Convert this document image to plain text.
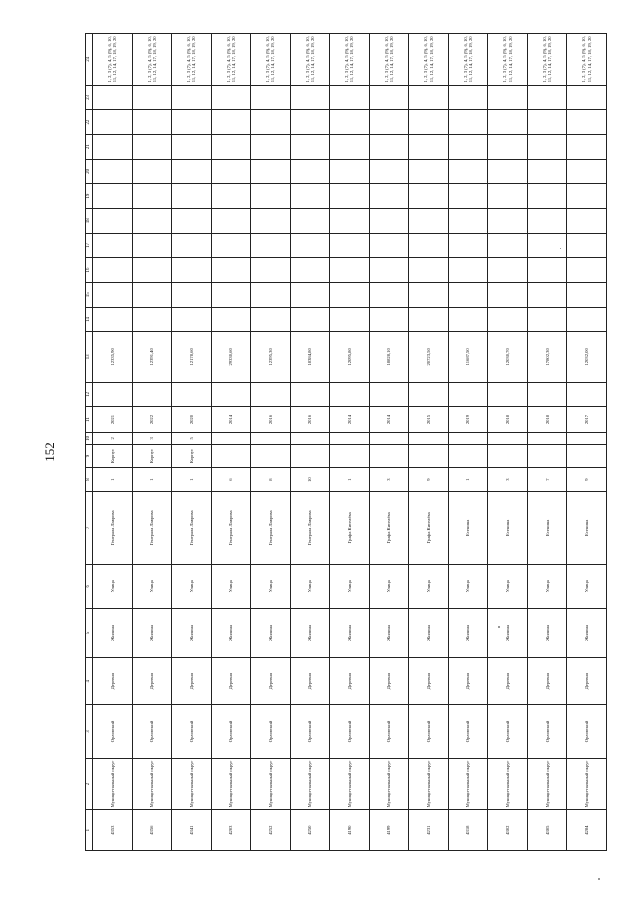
152
1	2	3	4	5	6	7	8	9	10	11	12	13	14	15	16	17	18	19	20	21	22	23	24
4353	Муници-пальный округ	Орловский	Деревня	Жилина	Улица	Генерала Лаврова	1	Корпус	2	2021		12335,90											1, 2, 3 (7), 4, 5 (9), 6, 10, 11, 12, 14, 17, 18, 19, 20
4356	Муници-пальный округ	Орловский	Деревня	Жилина	Улица	Генерала Лаврова	1	Корпус	3	2022		12391,40											1, 2, 3 (7), 4, 5 (9), 6, 10, 11, 12, 14, 17, 18, 19, 20
4341	Муници-пальный округ	Орловский	Деревня	Жилина	Улица	Генерала Лаврова	1	Корпус	5	2020		12178,60											1, 2, 3 (7), 4, 5 (9), 6, 10, 11, 12, 14, 17, 18, 19, 20
4203	Муници-пальный округ	Орловский	Деревня	Жилина	Улица	Генерала Лаврова	6			2014		29330,60											1, 2, 3 (7), 4, 5 (9), 6, 10, 11, 12, 14, 17, 18, 19, 20
4252	Муници-пальный округ	Орловский	Деревня	Жилина	Улица	Генерала Лаврова	8			2016		12395,30											1, 2, 3 (7), 4, 5 (9), 6, 10, 11, 12, 14, 17, 18, 19, 20
4250	Муници-пальный округ	Орловский	Деревня	Жилина	Улица	Генерала Лаврова	10			2016		18384,80											1, 2, 3 (7), 4, 5 (9), 6, 10, 11, 12, 14, 17, 18, 19, 20
4190	Муници-пальный округ	Орловский	Деревня	Жилина	Улица	Графа Киселёва	1			2014		12095,80											1, 2, 3 (7), 4, 5 (9), 6, 10, 11, 12, 14, 17, 18, 19, 20
4199	Муници-пальный округ	Орловский	Деревня	Жилина	Улица	Графа Киселёва	3			2014		18828,10											1, 2, 3 (7), 4, 5 (9), 6, 10, 11, 12, 14, 17, 18, 19, 20
4231	Муници-пальный округ	Орловский	Деревня	Жилина	Улица	Графа Киселёва	9			2015		20723,50											1, 2, 3 (7), 4, 5 (9), 6, 10, 11, 12, 14, 17, 18, 19, 20
4318	Муници-пальный округ	Орловский	Деревня	Жилина	Улица	Есенина	1			2019		11687,50											1, 2, 3 (7), 4, 5 (9), 6, 10, 11, 12, 14, 17, 18, 19, 20
4302	Муници-пальный округ	Орловский	Деревня	Жилина	Улица	Есенина	3			2018		12030,70											1, 2, 3 (7), 4, 5 (9), 6, 10, 11, 12, 14, 17, 18, 19, 20
4305	Муници-пальный округ	Орловский	Деревня	Жилина	Улица	Есенина	7			2018		17802,30											1, 2, 3 (7), 4, 5 (9), 6, 10, 11, 12, 14, 17, 18, 19, 20
4284	Муници-пальный округ	Орловский	Деревня	Жилина	Улица	Есенина	9			2017		12032,00											1, 2, 3 (7), 4, 5 (9), 6, 10, 11, 12, 14, 17, 18, 19, 20
